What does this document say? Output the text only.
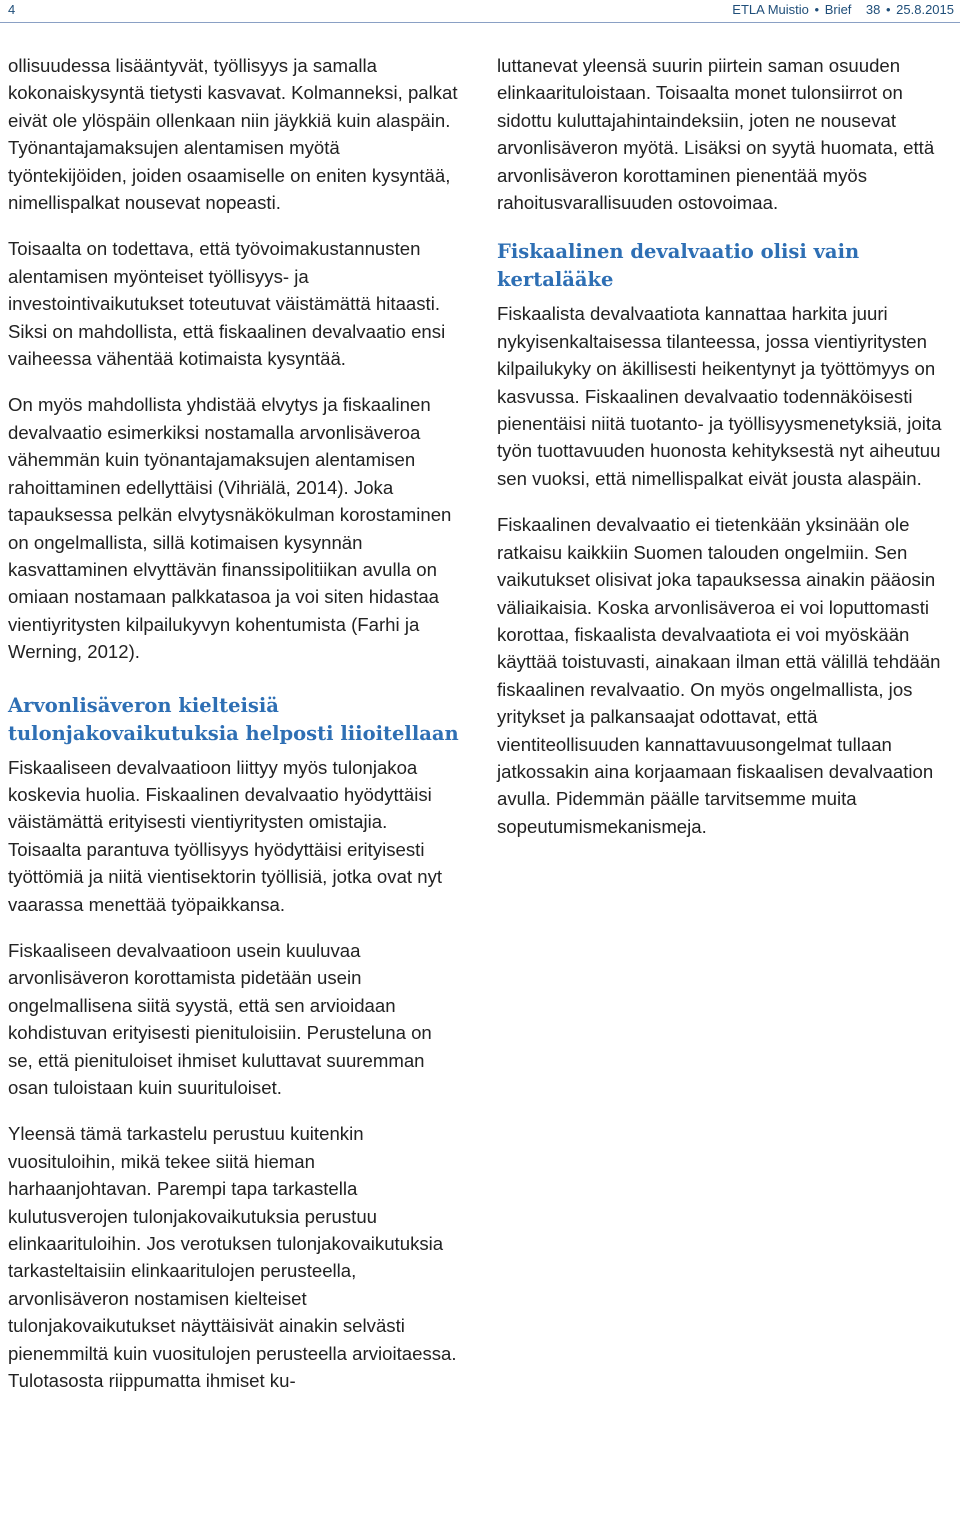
4	ETLA Muistio • Brief 38 • 25.8.2015

ollisuudessa lisääntyvät, työllisyys ja samalla kokonaiskysyntä tietysti kasvavat. Kolmanneksi, palkat eivät ole ylöspäin ollenkaan niin jäykkiä kuin alaspäin. Työnantajamaksujen alentamisen myötä työntekijöiden, joiden osaamiselle on eniten kysyntää, nimellispalkat nousevat nopeasti.

Toisaalta on todettava, että työvoimakustannusten alentamisen myönteiset työllisyys- ja investointivaikutukset toteutuvat väistämättä hitaasti. Siksi on mahdollista, että fiskaalinen devalvaatio ensi vaiheessa vähentää kotimaista kysyntää.

On myös mahdollista yhdistää elvytys ja fiskaalinen devalvaatio esimerkiksi nostamalla arvonlisäveroa vähemmän kuin työnantajamaksujen alentamisen rahoittaminen edellyttäisi (Vihriälä, 2014). Joka tapauksessa pelkän elvytysnäkökulman korostaminen on ongelmallista, sillä kotimaisen kysynnän kasvattaminen elvyttävän finanssipolitiikan avulla on omiaan nostamaan palkkatasoa ja voi siten hidastaa vientiyritysten kilpailukyvyn kohentumista (Farhi ja Werning, 2012).

Arvonlisäveron kielteisiä tulonjakovaikutuksia helposti liioitellaan

Fiskaaliseen devalvaatioon liittyy myös tulonjakoa koskevia huolia. Fiskaalinen devalvaatio hyödyttäisi väistämättä erityisesti vientiyritysten omistajia. Toisaalta parantuva työllisyys hyödyttäisi erityisesti työttömiä ja niitä vientisektorin työllisiä, jotka ovat nyt vaarassa menettää työpaikkansa.

Fiskaaliseen devalvaatioon usein kuuluvaa arvonlisäveron korottamista pidetään usein ongelmallisena siitä syystä, että sen arvioidaan kohdistuvan erityisesti pienituloisiin. Perusteluna on se, että pienituloiset ihmiset kuluttavat suuremman osan tuloistaan kuin suurituloiset.

Yleensä tämä tarkastelu perustuu kuitenkin vuosituloihin, mikä tekee siitä hieman harhaanjohtavan. Parempi tapa tarkastella kulutusverojen tulonjakovaikutuksia perustuu elinkaarituloihin. Jos verotuksen tulonjakovaikutuksia tarkasteltaisiin elinkaaritulojen perusteella, arvonlisäveron nostamisen kielteiset tulonjakovaikutukset näyttäisivät ainakin selvästi pienemmiltä kuin vuositulojen perusteella arvioitaessa. Tulotasosta riippumatta ihmiset ku-

luttanevat yleensä suurin piirtein saman osuuden elinkaarituloistaan. Toisaalta monet tulonsiirrot on sidottu kuluttajahintaindeksiin, joten ne nousevat arvonlisäveron myötä. Lisäksi on syytä huomata, että arvonlisäveron korottaminen pienentää myös rahoitusvarallisuuden ostovoimaa.

Fiskaalinen devalvaatio olisi vain kertalääke

Fiskaalista devalvaatiota kannattaa harkita juuri nykyisenkaltaisessa tilanteessa, jossa vientiyritysten kilpailukyky on äkillisesti heikentynyt ja työttömyys on kasvussa. Fiskaalinen devalvaatio todennäköisesti pienentäisi niitä tuotanto- ja työllisyysmenetyksiä, joita työn tuottavuuden huonosta kehityksestä nyt aiheutuu sen vuoksi, että nimellispalkat eivät jousta alaspäin.

Fiskaalinen devalvaatio ei tietenkään yksinään ole ratkaisu kaikkiin Suomen talouden ongelmiin. Sen vaikutukset olisivat joka tapauksessa ainakin pääosin väliaikaisia. Koska arvonlisäveroa ei voi loputtomasti korottaa, fiskaalista devalvaatiota ei voi myöskään käyttää toistuvasti, ainakaan ilman että välillä tehdään fiskaalinen revalvaatio. On myös ongelmallista, jos yritykset ja palkansaajat odottavat, että vientiteollisuuden kannattavuusongelmat tullaan jatkossakin aina korjaamaan fiskaalisen devalvaation avulla. Pidemmän päälle tarvitsemme muita sopeutumismekanismeja.
